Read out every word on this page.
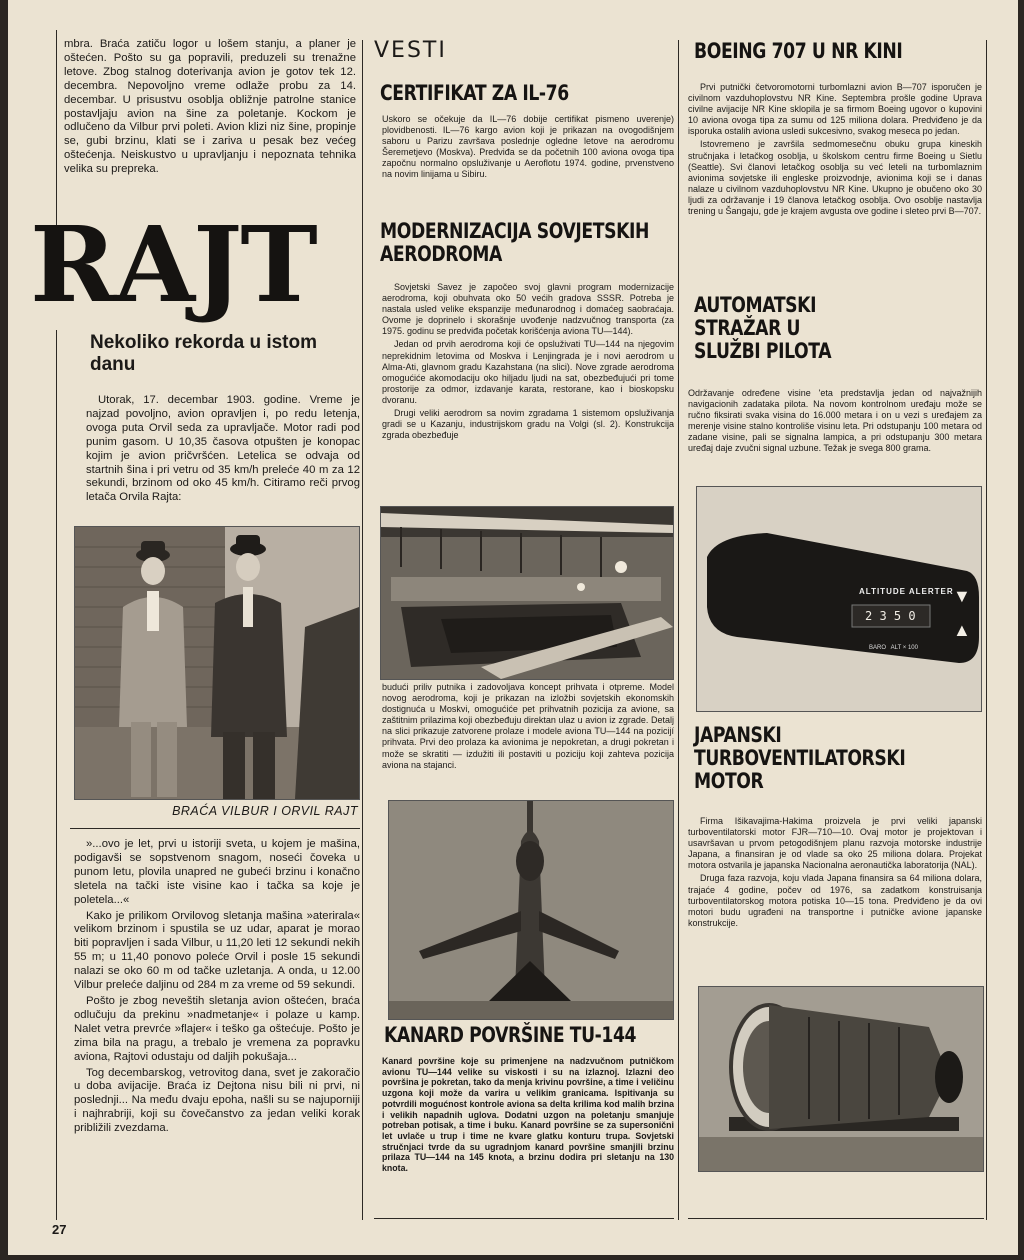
mbra. Braća zatiču logor u lošem stanju, a planer je oštećen. Pošto su ga popravili, preduzeli su trenažne letove. Zbog stalnog doterivanja avion je gotov tek 12. decembra. Nepovoljno vreme odlaže probu za 14. decembar. U prisustvu osoblja obližnje patrolne stanice postavljaju avion na šine za poletanje. Kockom je odlučeno da Vilbur prvi poleti. Avion klizi niz šine, propinje se, gubi brzinu, klati se i zariva u pesak bez većeg oštećenja. Neiskustvo u upravljanju i nepoznata tehnika velika su prepreka.

RAJT
Nekoliko rekorda u istom danu

Utorak, 17. decembar 1903. godine. Vreme je najzad povoljno, avion opravljen i, po redu letenja, ovoga puta Orvil seda za upravljače. Motor radi pod punim gasom. U 10,35 časova otpušten je konopac kojim je avion pričvršćen. Letelica se odvaja od startnih šina i pri vetru od 35 km/h preleće 40 m za 12 sekundi, brzinom od oko 45 km/h. Citiramo reči prvog letača Orvila Rajta:

BRAĆA VILBUR I ORVIL RAJT

»...ovo je let, prvi u istoriji sveta, u kojem je mašina, podigavši se sopstvenom snagom, noseći čoveka u punom letu, plovila unapred ne gubeći brzinu i konačno sletela na tački iste visine kao i tačka sa koje je poletela...«

Kako je prilikom Orvilovog sletanja mašina »aterirala« velikom brzinom i spustila se uz udar, aparat je morao biti popravljen i sada Vilbur, u 11,20 leti 12 sekundi nekih 55 m; u 11,40 ponovo poleće Orvil i posle 15 sekundi nalazi se oko 60 m od tačke uzletanja. A onda, u 12.00 Vilbur preleće dalјinu od 284 m za vreme od 59 sekundi.

Pošto je zbog neveštih sletanja avion oštećen, braća odlučuju da prekinu »nadmetanje« i polaze u kamp. Nalet vetra prevrće »flajer« i teško ga oštećuje. Pošto je zima bila na pragu, a trebalo je vremena za popravku aviona, Rajtovi odustaju od daljih pokušaja...

Tog decembarskog, vetrovitog dana, svet je zakoračio u doba avijacije. Braća iz Dejtona nisu bili ni prvi, ni poslednji... Na među dvaju epoha, našli su se najuporniji i najhrabriji, koji su čovečanstvo za jedan veliki korak približili zvezdama.

27
VESTI
CERTIFIKAT ZA IL-76

Uskoro se očekuje da IL—76 dobije certifikat pismeno uverenje) plovidbenosti. IL—76 kargo avion koji je prikazan na ovogodišnjem saboru u Parizu završava poslednje ogledne letove na aerodromu Šeremetjevo (Moskva). Predviđa se da početnih 100 aviona ovoga tipa započnu normalno opsluživanje u Aeroflotu 1974. godine, prvenstveno na novim linijama u Sibiru.

MODERNIZACIJA SOVJETSKIH AERODROMA

Sovjetski Savez je započeo svoj glavni program modernizacije aerodroma, koji obuhvata oko 50 većih gradova SSSR. Potreba je nastala usled velike ekspanzije međunarodnog i domaćeg saobraćaja. Ovome je doprinelo i skorašnje uvođenje nadzvučnog transporta (za 1975. godinu se predviđa početak korišćenja aviona TU—144).

Jedan od prvih aerodroma koji će opsluživati TU—144 na njegovim neprekidnim letovima od Moskva i Lenjingrada je i novi aerodrom u Alma-Ati, glavnom gradu Kazahstana (na slici). Nove zgrade aerodroma omogućiće akomodaciju oko hiljadu ljudi na sat, obezbeđujući pri tome prostorije za odmor, izdavanje karata, restorane, kao i bioskopsku dvoranu.

Drugi veliki aerodrom sa novim zgradama 1 sistemom opsluživanja gradi se u Kazanju, industrijskom gradu na Volgi (sl. 2). Konstrukcija zgrada obezbeđuje

budući priliv putnika i zadovoljava koncept prihvata i otpreme. Model novog aerodroma, koji je prikazan na izložbi sovjetskih ekonomskih dostignuća u Moskvi, omogućiće pet prihvatnih pozicija za avione, sa zaštitnim prilazima koji obezbeđuju direktan ulaz u avion iz zgrade. Detalj na slici prikazuje zatvorene prolaze i modele aviona TU—144 na pozicijí prihvata. Prvi deo prolaza ka avionima je nepokretan, a drugi pokretan i može se skratiti — izdužiti ili postaviti u poziciju koji zahteva pozicija aviona na stajanci.

KANARD POVRŠINE TU-144

Kanard površine koje su primenjene na nadzvučnom putničkom avionu TU—144 velike su viskosti i su na izlaznoj. Izlazni deo površina je pokretan, tako da menja krivinu površine, a time i veličinu uzgona koji može da varira u velikim granicama. Ispitivanja su potvrdili mogućnost kontrole aviona sa delta krilima kod malih brzina i velikih napadnih uglova. Dodatni uzgon na poletanju smanjuje potreban potisak, a time i buku. Kanard površine se za supersonični let uvlače u trup i time ne kvare glatku konturu trupa. Sovjetski stručnjaci tvrde da su ugradnjom kanard površine smanjili brzinu prilaza TU—144 na 145 knota, a brzinu dodira pri sletanju na 130 knota.

BOEING 707 U NR KINI

Prvi putnički četvoromotorni turbomlazni avion B—707 isporučen je civilnom vazduhoplovstvu NR Kine. Septembra prošle godine Uprava civilne avijacije NR Kine sklopila je sa firmom Boeing ugovor o kupovini 10 aviona ovoga tipa za sumu od 125 miliona dolara. Predviđeno je da isporuka ostalih aviona usledi sukcesivno, svakog meseca po jedan.

Istovremeno je završila sedmomesečnu obuku grupa kineskih stručnjaka i letačkog osoblja, u školskom centru firme Boeing u Sietlu (Seattle). Svi članovi letačkog osoblja su već leteli na turbomlaznim avionima sovjetske ili engleske proizvodnje, avionima koji se i danas nalaze u civilnom vazduhoplovstvu NR Kine. Ukupno je obučeno oko 30 ljudi za održavanje i 19 članova letačkog osoblja. Ovo osoblje nastavlja trening u Šangaju, gde je krajem avgusta ove godine i sleteo prvi B—707.

AUTOMATSKI STRAŽAR U SLUŽBI PILOTA

Održavanje određene visine 'eta predstavlja jedan od najvažnijih navigacionih zadataka pilota. Na novom kontrolnom uređaju može se ručno fiksirati svaka visina do 16.000 metara i on u vezi s uređajem za merenje visine stalno kontroliše visinu leta. Pri odstupanju 100 metara od zadane visine, pali se signalna lampica, a pri odstupanju 300 metara uređaj daje zvučni signal uzbune. Težak je svega 800 grama.

ALTITUDE ALERTER
2 3 5 0
BARO   ALT × 100
▼
▲
JAPANSKI TURBOVENTILATORSKI MOTOR

Firma Išikavajima-Hakima proizvela je prvi veliki japanski turboventilatorski motor FJR—710—10. Ovaj motor je projektovan i usavršavan u prvom petogodišnjem planu razvoja motorske industrije Japana, a finansiran je od vlade sa oko 25 miliona dolara. Projekat motora ostvarila je japanska Nacionalna aeronautička laboratorija (NAL).

Druga faza razvoja, koju vlada Japana finansira sa 64 miliona dolara, trajaće 4 godine, počev od 1976, sa zadatkom konstruisanja turboventilatorskog motora potiska 10—15 tona. Predviđeno je da ovi motori budu ugrađeni na transportne i putničke avione japanske konstrukcije.
